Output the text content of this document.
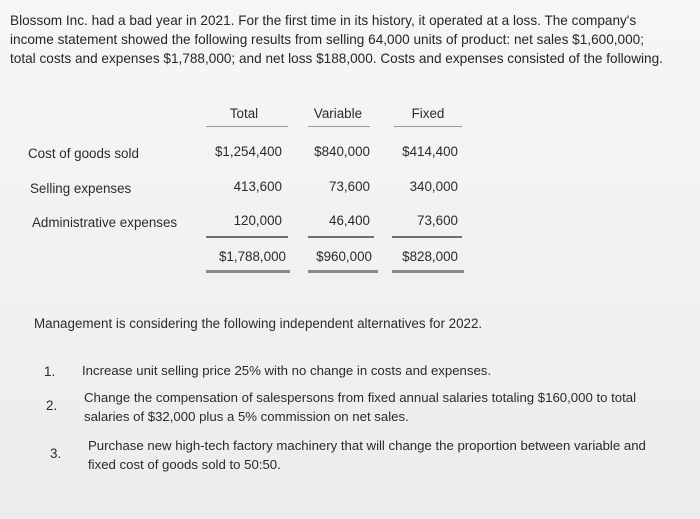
Blossom Inc. had a bad year in 2021. For the first time in its history, it operated at a loss. The company's
income statement showed the following results from selling 64,000 units of product: net sales $1,600,000;
total costs and expenses $1,788,000; and net loss $188,000. Costs and expenses consisted of the following.
Total	Variable	Fixed
Cost of goods sold	$1,254,400	$840,000	$414,400
Selling expenses	413,600	73,600	340,000
Administrative expenses	120,000	46,400	73,600
$1,788,000	$960,000	$828,000
Management is considering the following independent alternatives for 2022.
1. Increase unit selling price 25% with no change in costs and expenses.
2.
Change the compensation of salespersons from fixed annual salaries totaling $160,000 to total
salaries of $32,000 plus a 5% commission on net sales.
3.
Purchase new high-tech factory machinery that will change the proportion between variable and
fixed cost of goods sold to 50:50.
